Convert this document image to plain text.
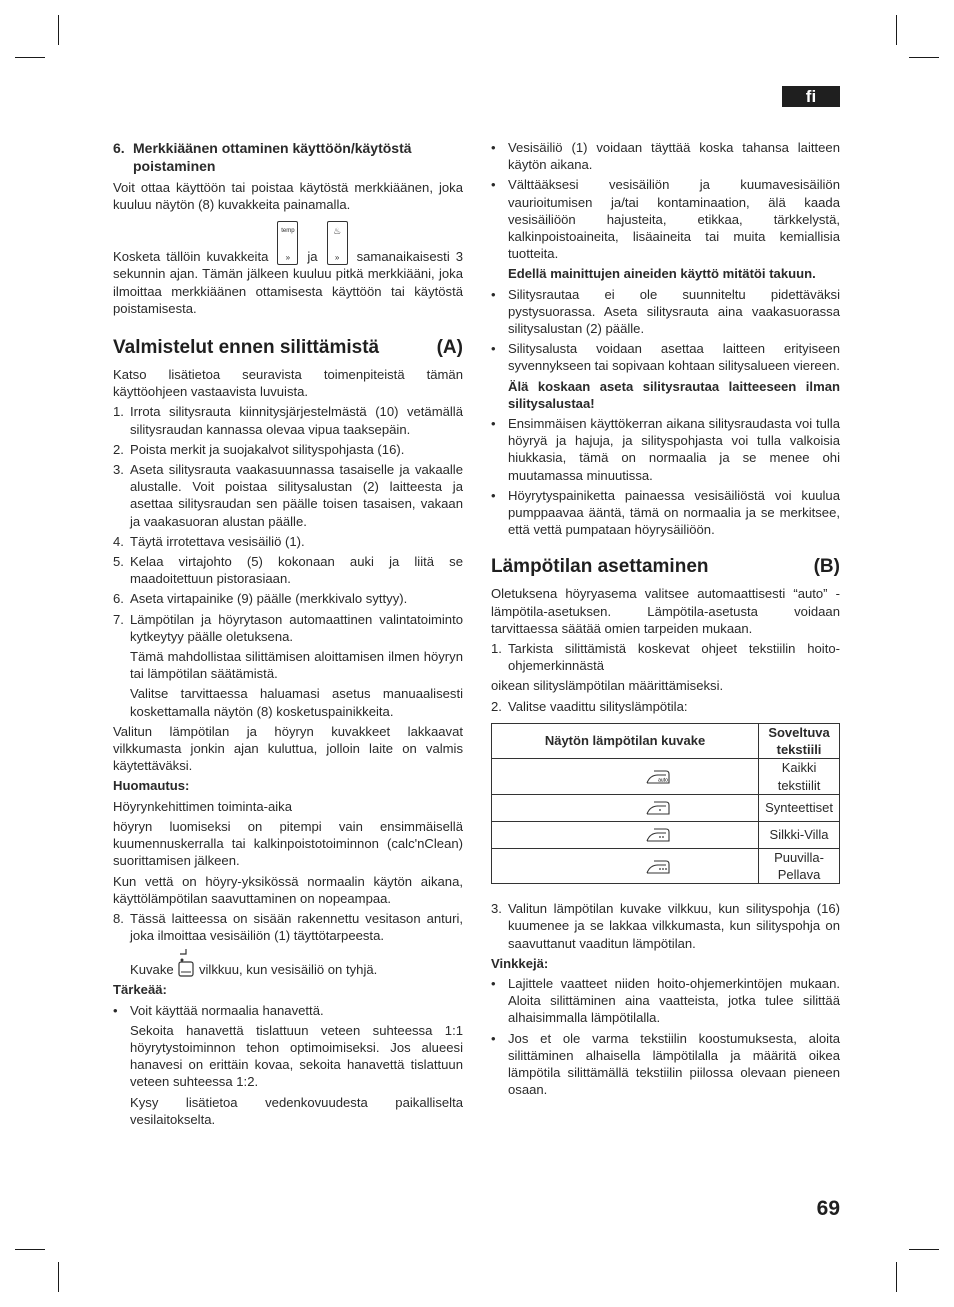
fi
69
6. Merkkiäänen ottaminen käyttöön/käytöstä poistaminen

Voit ottaa käyttöön tai poistaa käytöstä merkkiäänen, joka kuuluu näytön (8) kuvakkeita painamalla.

Kosketa tällöin kuvakkeita
temp
»	ja
♨
»	samanaikaisesti 3 sekunnin ajan. Tämän jälkeen kuuluu pitkä merkkiääni, joka ilmoittaa merkkiäänen ottamisesta käyttöön tai käytöstä poistamisesta.

Valmistelut ennen silittämistä	(A)

Katso lisätietoa seuravista toimenpiteistä tämän käyttöohjeen vastaavista luvuista.

1. Irrota silitysrauta kiinnitysjärjestelmästä (10) vetämällä silitysraudan kannassa olevaa vipua taaksepäin.
2. Poista merkit ja suojakalvot silityspohjasta (16).
3. Aseta silitysrauta vaakasuunnassa tasaiselle ja vakaalle alustalle. Voit poistaa silitysalustan (2) laitteesta ja asettaa silitysraudan sen päälle toisen tasaisen, vakaan ja vaakasuoran alustan päälle.
4. Täytä irrotettava vesisäiliö (1).
5. Kelaa virtajohto (5) kokonaan auki ja liitä se maadoitettuun pistorasiaan.
6. Aseta virtapainike (9) päälle (merkkivalo syttyy).
7. Lämpötilan ja höyrytason automaattinen valintatoiminto kytkeytyy päälle oletuksena.

Tämä mahdollistaa silittämisen aloittamisen ilmen höyryn tai lämpötilan säätämistä.

Valitse tarvittaessa haluamasi asetus manuaalisesti koskettamalla näytön (8) kosketuspainikkeita.

Valitun lämpötilan ja höyryn kuvakkeet lakkaavat vilkkumasta jonkin ajan kuluttua, jolloin laite on valmis käytettäväksi.

Huomautus:

Höyrynkehittimen toiminta-aika

höyryn luomiseksi on pitempi vain ensimmäisellä kuumennuskerralla tai kalkinpoistotoiminnon (calc'nClean) suorittamisen jälkeen.

Kun vettä on höyry-yksikössä normaalin käytön aikana, käyttölämpötilan saavuttaminen on nopeampaa.

8. Tässä laitteessa on sisään rakennettu vesitason anturi, joka ilmoittaa vesisäiliön (1) täyttötarpeesta.

Kuvake vilkkuu, kun vesisäiliö on tyhjä.

Tärkeää:

• Voit käyttää normaalia hanavettä.

Sekoita hanavettä tislattuun veteen suhteessa 1:1 höyrytystoiminnon tehon optimoimiseksi. Jos alueesi hanavesi on erittäin kovaa, sekoita hanavettä tislattuun veteen suhteessa 1:2.

Kysy lisätietoa vedenkovuudesta paikalliselta vesilaitokselta.

• Vesisäiliö (1) voidaan täyttää koska tahansa laitteen käytön aikana.
• Välttääksesi vesisäiliön ja kuumavesisäiliön vaurioitumisen ja/tai kontaminaation, älä kaada vesisäiliöön hajusteita, etikkaa, tärkkelystä, kalkinpoistoaineita, lisäaineita tai muita kemiallisia tuotteita.

Edellä mainittujen aineiden käyttö mitätöi takuun.

• Silitysrautaa ei ole suunniteltu pidettäväksi pystysuorassa. Aseta silitysrauta aina vaakasuorassa silitysalustan (2) päälle.
• Silitysalusta voidaan asettaa laitteen erityiseen syvennykseen tai sopivaan kohtaan silitysalueen viereen.

Älä koskaan aseta silitysrautaa laitteeseen ilman silitysalustaa!

• Ensimmäisen käyttökerran aikana silitysraudasta voi tulla höyryä ja hajuja, ja silityspohjasta voi tulla valkoisia hiukkasia, tämä on normaalia ja se menee ohi muutamassa minuutissa.
• Höyrytyspainiketta painaessa vesisäiliöstä voi kuulua pumppaavaa ääntä, tämä on normaalia ja se merkitsee, että vettä pumpataan höyrysäiliöön.
Lämpötilan asettaminen	(B)

Oletuksena höyryasema valitsee automaattisesti “auto” -lämpötila-asetuksen. Lämpötila-asetusta voidaan tarvittaessa säätää omien tarpeiden mukaan.

1. Tarkista silittämistä koskevat ohjeet tekstiilin hoito-ohjemerkinnästä

oikean silityslämpötilan määrittämiseksi.

2. Valitse vaadittu silityslämpötila:
Näytön lämpötilan kuvake	Soveltuva tekstiili

auto	Kaikki tekstiilit
	Synteettiset
	Silkki-Villa
	Puuvilla-Pellava
3. Valitun lämpötilan kuvake vilkkuu, kun silityspohja (16) kuumenee ja se lakkaa vilkkumasta, kun silityspohja on saavuttanut vaaditun lämpötilan.

Vinkkejä:

• Lajittele vaatteet niiden hoito-ohjemerkintöjen mukaan. Aloita silittäminen aina vaatteista, jotka tulee silittää alhaisimmalla lämpötilalla.
• Jos et ole varma tekstiilin koostumuksesta, aloita silittäminen alhaisella lämpötilalla ja määritä oikea lämpötila silittämällä tekstiilin piilossa olevaan pieneen osaan.
